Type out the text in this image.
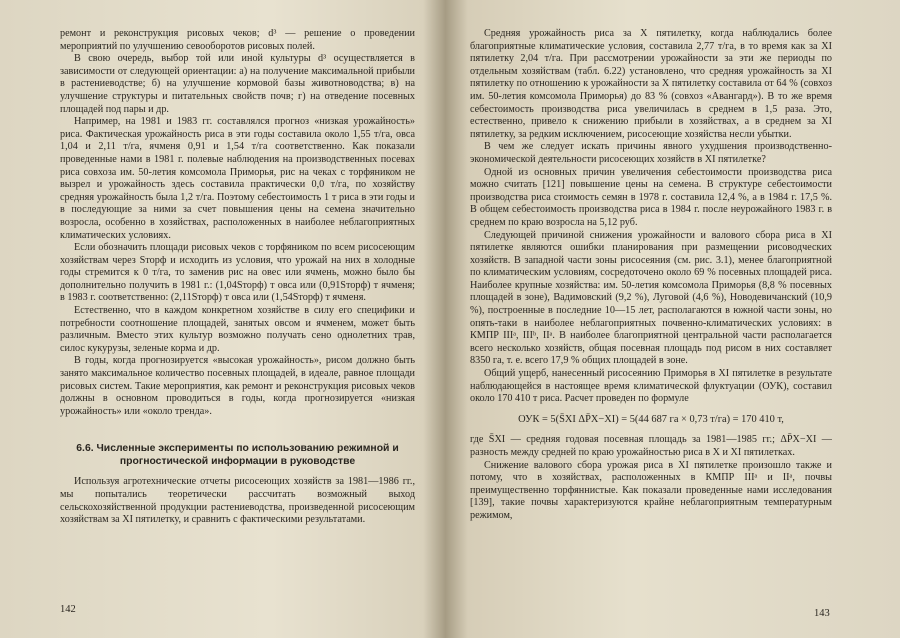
ремонт и реконструкция рисовых чеков; d³ — решение о проведении мероприятий по улучшению севооборотов рисовых полей.

В свою очередь, выбор той или иной культуры d³ осуществляется в зависимости от следующей ориентации: а) на получение максимальной прибыли в растениеводстве; б) на улучшение кормовой базы животноводства; в) на улучшение структуры и питательных свойств почв; г) на отведение посевных площадей под пары и др.

Например, на 1981 и 1983 гг. составлялся прогноз «низкая урожайность» риса. Фактическая урожайность риса в эти годы составила около 1,55 т/га, овса 1,04 и 2,11 т/га, ячменя 0,91 и 1,54 т/га соответственно. Как показали проведенные нами в 1981 г. полевые наблюдения на производственных посевах риса совхоза им. 50-летия комсомола Приморья, рис на чеках с торфяником не вызрел и урожайность здесь составила практически 0,0 т/га, по хозяйству средняя урожайность была 1,2 т/га. Поэтому себестоимость 1 т риса в эти годы и в последующие за ними за счет повышения цены на семена значительно возросла, особенно в хозяйствах, расположенных в наиболее неблагоприятных климатических условиях.

Если обозначить площади рисовых чеков с торфяником по всем рисосеющим хозяйствам через Sторф и исходить из условия, что урожай на них в холодные годы стремится к 0 т/га, то заменив рис на овес или ячмень, можно было бы дополнительно получить в 1981 г.: (1,04Sторф) т овса или (0,91Sторф) т ячменя; в 1983 г. соответственно: (2,11Sторф) т овса или (1,54Sторф) т ячменя.

Естественно, что в каждом конкретном хозяйстве в силу его специфики и потребности соотношение площадей, занятых овсом и ячменем, может быть различным. Вместо этих культур возможно получать сено однолетних трав, силос кукурузы, зеленые корма и др.

В годы, когда прогнозируется «высокая урожайность», рисом должно быть занято максимальное количество посевных площадей, в идеале, равное площади рисовых систем. Такие мероприятия, как ремонт и реконструкция рисовых чеков должны в основном проводиться в годы, когда прогнозируется «низкая урожайность» или «около тренда».

6.6. Численные эксперименты по использованию режимной и прогностической информации в руководстве

Используя агротехнические отчеты рисосеющих хозяйств за 1981—1986 гг., мы попытались теоретически рассчитать возможный выход сельскохозяйственной продукции растениеводства, произведенной рисосеющим хозяйствам за XI пятилетку, и сравнить с фактическими результатами.

142

Средняя урожайность риса за X пятилетку, когда наблюдались более благоприятные климатические условия, составила 2,77 т/га, в то время как за XI пятилетку 2,04 т/га. При рассмотрении урожайности за эти же периоды по отдельным хозяйствам (табл. 6.22) установлено, что средняя урожайность за XI пятилетку по отношению к урожайности за X пятилетку составила от 64 % (совхоз им. 50-летия комсомола Приморья) до 83 % (совхоз «Авангард»). В то же время себестоимость производства риса увеличилась в среднем в 1,5 раза. Это, естественно, привело к снижению прибыли в хозяйствах, а в среднем за XI пятилетку, за редким исключением, рисосеющие хозяйства несли убытки.

В чем же следует искать причины явного ухудшения производственно-экономической деятельности рисосеющих хозяйств в XI пятилетке?

Одной из основных причин увеличения себестоимости производства риса можно считать [121] повышение цены на семена. В структуре себестоимости производства риса стоимость семян в 1978 г. составила 12,4 %, а в 1984 г. 17,5 %. В общем себестоимость производства риса в 1984 г. после неурожайного 1983 г. в среднем по краю возросла на 5,12 руб.

Следующей причиной снижения урожайности и валового сбора риса в XI пятилетке являются ошибки планирования при размещении рисоводческих хозяйств. В западной части зоны рисосеяния (см. рис. 3.1), менее благоприятной по климатическим условиям, сосредоточено около 69 % посевных площадей риса. Наиболее крупные хозяйства: им. 50-летия комсомола Приморья (8,8 % посевных площадей в зоне), Вадимовский (9,2 %), Луговой (4,6 %), Новодевичанский (10,9 %), построенные в последние 10—15 лет, располагаются в южной части зоны, но опять-таки в наиболее неблагоприятных почвенно-климатических условиях: в КМПР IIIᵃ, IIIᵇ, IIᵃ. В наиболее благоприятной центральной части располагается всего несколько хозяйств, общая посевная площадь под рисом в них составляет 8350 га, т. е. всего 17,9 % общих площадей в зоне.

Общий ущерб, нанесенный рисосеянию Приморья в XI пятилетке в результате наблюдающейся в настоящее время климатической флуктуации (ОУК), составил около 170 410 т риса. Расчет проведен по формуле

ОУК = 5(S̄XI ΔP̄X−XI) = 5(44 687 га × 0,73 т/га) = 170 410 т,

где S̄XI — средняя годовая посевная площадь за 1981—1985 гг.; ΔP̄X−XI — разность между средней по краю урожайностью риса в X и XI пятилетках.

Снижение валового сбора урожая риса в XI пятилетке произошло также и потому, что в хозяйствах, расположенных в КМПР IIIᵃ и IIᵃ, почвы преимущественно торфяннистые. Как показали проведенные нами исследования [139], такие почвы характеризуются крайне неблагоприятным температурным режимом,

143
